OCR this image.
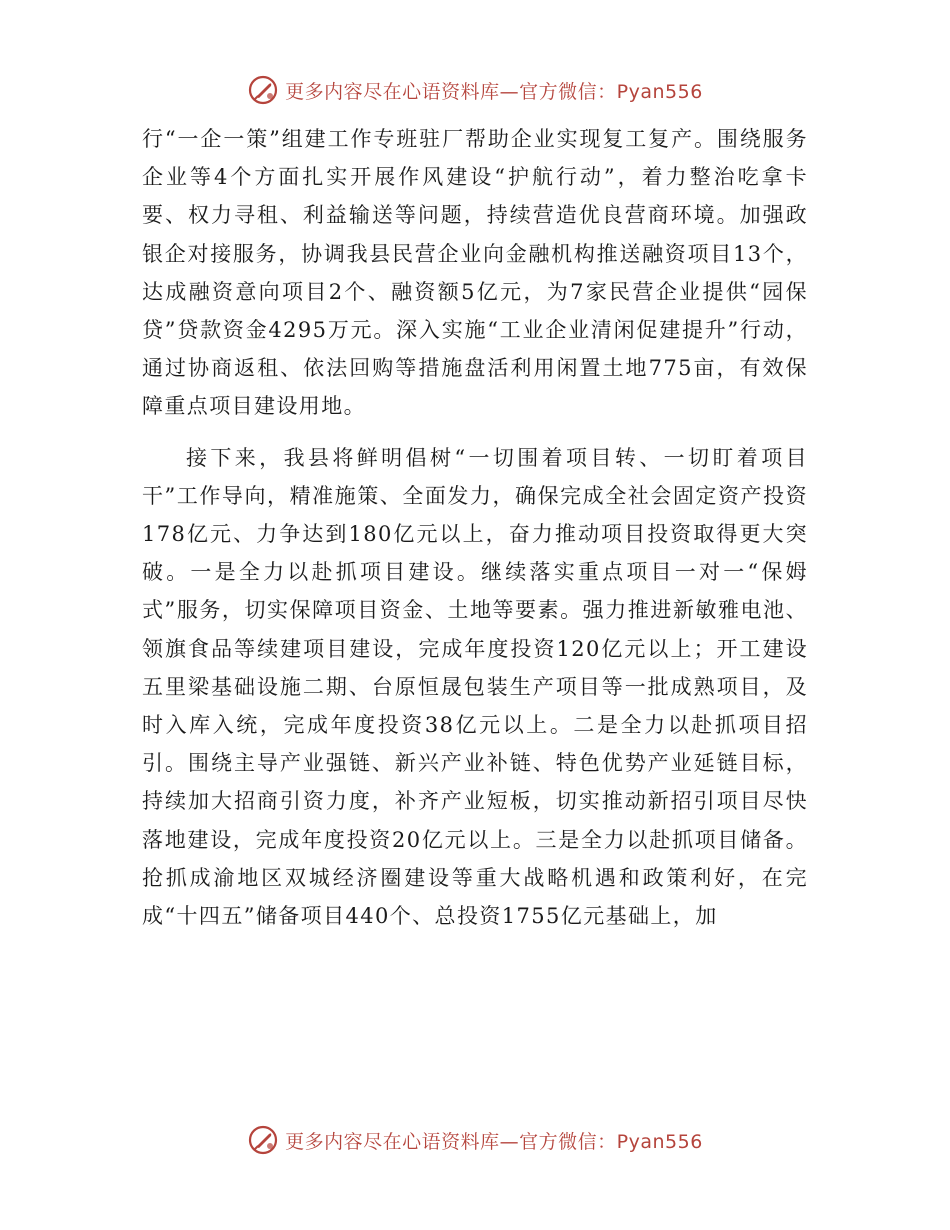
更多内容尽在心语资料库—官方微信：Pyan556

行“一企一策”组建工作专班驻厂帮助企业实现复工复产。围绕服务企业等4个方面扎实开展作风建设“护航行动”，着力整治吃拿卡要、权力寻租、利益输送等问题，持续营造优良营商环境。加强政银企对接服务，协调我县民营企业向金融机构推送融资项目13个，达成融资意向项目2个、融资额5亿元，为7家民营企业提供“园保贷”贷款资金4295万元。深入实施“工业企业清闲促建提升”行动，通过协商返租、依法回购等措施盘活利用闲置土地775亩，有效保障重点项目建设用地。

接下来，我县将鲜明倡树“一切围着项目转、一切盯着项目干”工作导向，精准施策、全面发力，确保完成全社会固定资产投资178亿元、力争达到180亿元以上，奋力推动项目投资取得更大突破。一是全力以赴抓项目建设。继续落实重点项目一对一“保姆式”服务，切实保障项目资金、土地等要素。强力推进新敏雅电池、领旗食品等续建项目建设，完成年度投资120亿元以上；开工建设五里梁基础设施二期、台原恒晟包装生产项目等一批成熟项目，及时入库入统，完成年度投资38亿元以上。二是全力以赴抓项目招引。围绕主导产业强链、新兴产业补链、特色优势产业延链目标，持续加大招商引资力度，补齐产业短板，切实推动新招引项目尽快落地建设，完成年度投资20亿元以上。三是全力以赴抓项目储备。抢抓成渝地区双城经济圈建设等重大战略机遇和政策利好，在完成“十四五”储备项目440个、总投资1755亿元基础上，加

更多内容尽在心语资料库—官方微信：Pyan556
